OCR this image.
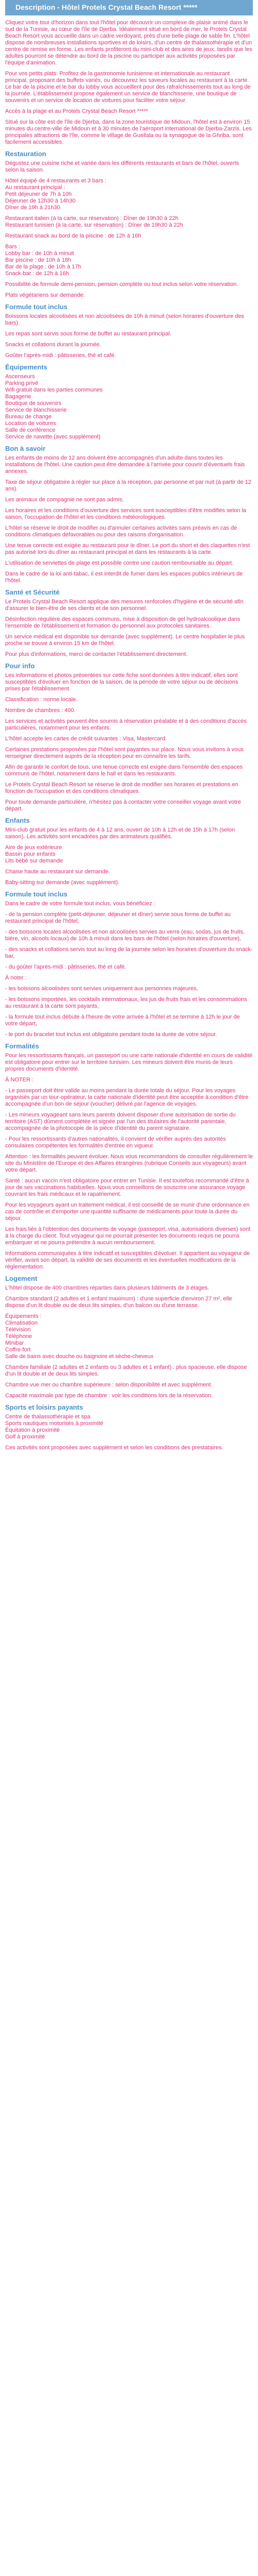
Description - Hôtel Protels Crystal Beach Resort *****

Cliquez votre tour d'horizon dans tout l'hôtel pour découvrir un complexe de plaisir animé dans le sud de la Tunisie, au cœur de l'île de Djerba. Idéalement situé en bord de mer, le Protels Crystal Beach Resort vous accueille dans un cadre verdoyant, près d'une belle plage de sable fin. L'hôtel dispose de nombreuses installations sportives et de loisirs, d'un centre de thalassothérapie et d'un centre de remise en forme. Les enfants profiteront du mini-club et des aires de jeux, tandis que les adultes pourront se détendre au bord de la piscine ou participer aux activités proposées par l'équipe d'animation.

Pour vos petits plats: Profitez de la gastronomie tunisienne et internationale au restaurant principal, proposant des buffets variés, ou découvrez les saveurs locales au restaurant à la carte. Le bar de la piscine et le bar du lobby vous accueillent pour des rafraîchissements tout au long de la journée. L'établissement propose également un service de blanchisserie, une boutique de souvenirs et un service de location de voitures pour faciliter votre séjour.

Accès à la plage et au Protels Crystal Beach Resort *****

Situé sur la côte est de l'île de Djerba, dans la zone touristique de Midoun, l'hôtel est à environ 15 minutes du centre-ville de Midoun et à 30 minutes de l'aéroport international de Djerba-Zarzis. Les principales attractions de l'île, comme le village de Guellala ou la synagogue de la Ghriba, sont facilement accessibles.

Restauration

Dégustez une cuisine riche et variée dans les différents restaurants et bars de l'hôtel, ouverts selon la saison.

Hôtel équipé de 4 restaurants et 3 bars :
Au restaurant principal :
Petit déjeuner de 7h à 10h
Déjeuner de 12h30 à 14h30
Dîner de 19h à 21h30

Restaurant italien (à la carte, sur réservation) : Dîner de 19h30 à 22h
Restaurant tunisien (à la carte, sur réservation) : Dîner de 19h30 à 22h

Restaurant snack au bord de la piscine : de 12h à 16h

Bars :
Lobby bar : de 10h à minuit
Bar piscine : de 10h à 18h
Bar de la plage : de 10h à 17h
Snack-bar : de 12h à 16h

Possibilité de formule demi-pension, pension complète ou tout inclus selon votre réservation.

Plats végétariens sur demande.

Formule tout inclus

Boissons locales alcoolisées et non alcoolisées de 10h à minuit (selon horaires d'ouverture des bars).

Les repas sont servis sous forme de buffet au restaurant principal.

Snacks et collations durant la journée.

Goûter l'après-midi : pâtisseries, thé et café.

Équipements

Ascenseurs
Parking privé
Wifi gratuit dans les parties communes
Bagagerie
Boutique de souvenirs
Service de blanchisserie
Bureau de change
Location de voitures
Salle de conférence
Service de navette (avec supplément)

Bon à savoir

Les enfants de moins de 12 ans doivent être accompagnés d'un adulte dans toutes les installations de l'hôtel. Une caution peut être demandée à l'arrivée pour couvrir d'éventuels frais annexes.

Taxe de séjour obligatoire à régler sur place à la réception, par personne et par nuit (à partir de 12 ans).

Les animaux de compagnie ne sont pas admis.

Les horaires et les conditions d'ouverture des services sont susceptibles d'être modifiés selon la saison, l'occupation de l'hôtel et les conditions météorologiques.

L'hôtel se réserve le droit de modifier ou d'annuler certaines activités sans préavis en cas de conditions climatiques défavorables ou pour des raisons d'organisation.

Une tenue correcte est exigée au restaurant pour le dîner. Le port du short et des claquettes n'est pas autorisé lors du dîner au restaurant principal et dans les restaurants à la carte.

L'utilisation de serviettes de plage est possible contre une caution remboursable au départ.

Dans le cadre de la loi anti-tabac, il est interdit de fumer dans les espaces publics intérieurs de l'hôtel.

Santé et Sécurité

Le Protels Crystal Beach Resort applique des mesures renforcées d'hygiène et de sécurité afin d'assurer le bien-être de ses clients et de son personnel.

Désinfection régulière des espaces communs, mise à disposition de gel hydroalcoolique dans l'ensemble de l'établissement et formation du personnel aux protocoles sanitaires.

Un service médical est disponible sur demande (avec supplément). Le centre hospitalier le plus proche se trouve à environ 15 km de l'hôtel.

Pour plus d'informations, merci de contacter l'établissement directement.

Pour info

Les informations et photos présentées sur cette fiche sont données à titre indicatif, elles sont susceptibles d'évoluer en fonction de la saison, de la période de votre séjour ou de décisions prises par l'établissement.

Classification : norme locale.

Nombre de chambres : 400.

Les services et activités peuvent être soumis à réservation préalable et à des conditions d'accès particulières, notamment pour les enfants.

L'hôtel accepte les cartes de crédit suivantes : Visa, Mastercard.

Certaines prestations proposées par l'hôtel sont payantes sur place. Nous vous invitons à vous renseigner directement auprès de la réception pour en connaître les tarifs.

Afin de garantir le confort de tous, une tenue correcte est exigée dans l'ensemble des espaces communs de l'hôtel, notamment dans le hall et dans les restaurants.

Le Protels Crystal Beach Resort se réserve le droit de modifier ses horaires et prestations en fonction de l'occupation et des conditions climatiques.

Pour toute demande particulière, n'hésitez pas à contacter votre conseiller voyage avant votre départ.

Enfants

Mini-club gratuit pour les enfants de 4 à 12 ans, ouvert de 10h à 12h et de 15h à 17h (selon saison). Les activités sont encadrées par des animateurs qualifiés.

Aire de jeux extérieure
Bassin pour enfants
Lits bébé sur demande

Chaise haute au restaurant sur demande.

Baby-sitting sur demande (avec supplément).

Formule tout inclus

Dans le cadre de votre formule tout inclus, vous bénéficiez :

- de la pension complète (petit-déjeuner, déjeuner et dîner) servie sous forme de buffet au restaurant principal de l'hôtel,

- des boissons locales alcoolisées et non alcoolisées servies au verre (eau, sodas, jus de fruits, bière, vin, alcools locaux) de 10h à minuit dans les bars de l'hôtel (selon horaires d'ouverture),

- des snacks et collations servis tout au long de la journée selon les horaires d'ouverture du snack-bar,

- du goûter l'après-midi : pâtisseries, thé et café.

À noter :

- les boissons alcoolisées sont servies uniquement aux personnes majeures,

- les boissons importées, les cocktails internationaux, les jus de fruits frais et les consommations au restaurant à la carte sont payants,

- la formule tout inclus débute à l'heure de votre arrivée à l'hôtel et se termine à 12h le jour de votre départ,

- le port du bracelet tout inclus est obligatoire pendant toute la durée de votre séjour.

Formalités

Pour les ressortissants français, un passeport ou une carte nationale d'identité en cours de validité est obligatoire pour entrer sur le territoire tunisien. Les mineurs doivent être munis de leurs propres documents d'identité.

À NOTER :

- Le passeport doit être valide au moins pendant la durée totale du séjour. Pour les voyages organisés par un tour-opérateur, la carte nationale d'identité peut être acceptée à condition d'être accompagnée d'un bon de séjour (voucher) délivré par l'agence de voyages.

- Les mineurs voyageant sans leurs parents doivent disposer d'une autorisation de sortie du territoire (AST) dûment complétée et signée par l'un des titulaires de l'autorité parentale, accompagnée de la photocopie de la pièce d'identité du parent signataire.

- Pour les ressortissants d'autres nationalités, il convient de vérifier auprès des autorités consulaires compétentes les formalités d'entrée en vigueur.

Attention : les formalités peuvent évoluer. Nous vous recommandons de consulter régulièrement le site du Ministère de l'Europe et des Affaires étrangères (rubrique Conseils aux voyageurs) avant votre départ.

Santé : aucun vaccin n'est obligatoire pour entrer en Tunisie. Il est toutefois recommandé d'être à jour de ses vaccinations habituelles. Nous vous conseillons de souscrire une assurance voyage couvrant les frais médicaux et le rapatriement.

Pour les voyageurs ayant un traitement médical, il est conseillé de se munir d'une ordonnance en cas de contrôle et d'emporter une quantité suffisante de médicaments pour toute la durée du séjour.

Les frais liés à l'obtention des documents de voyage (passeport, visa, autorisations diverses) sont à la charge du client. Tout voyageur qui ne pourrait présenter les documents requis ne pourra embarquer et ne pourra prétendre à aucun remboursement.

Informations communiquées à titre indicatif et susceptibles d'évoluer. Il appartient au voyageur de vérifier, avant son départ, la validité de ses documents et les éventuelles modifications de la réglementation.

Logement

L'hôtel dispose de 400 chambres réparties dans plusieurs bâtiments de 3 étages.

Chambre standard (2 adultes et 1 enfant maximum) : d'une superficie d'environ 27 m², elle dispose d'un lit double ou de deux lits simples, d'un balcon ou d'une terrasse.

Équipements :
Climatisation
Télévision
Téléphone
Minibar
Coffre-fort
Salle de bains avec douche ou baignoire et sèche-cheveux

Chambre familiale (2 adultes et 2 enfants ou 3 adultes et 1 enfant) : plus spacieuse, elle dispose d'un lit double et de deux lits simples.

Chambre vue mer ou chambre supérieure : selon disponibilité et avec supplément.

Capacité maximale par type de chambre : voir les conditions lors de la réservation.

Sports et loisirs payants

Centre de thalassothérapie et spa
Sports nautiques motorisés à proximité
Équitation à proximité
Golf à proximité

Ces activités sont proposées avec supplément et selon les conditions des prestataires.
